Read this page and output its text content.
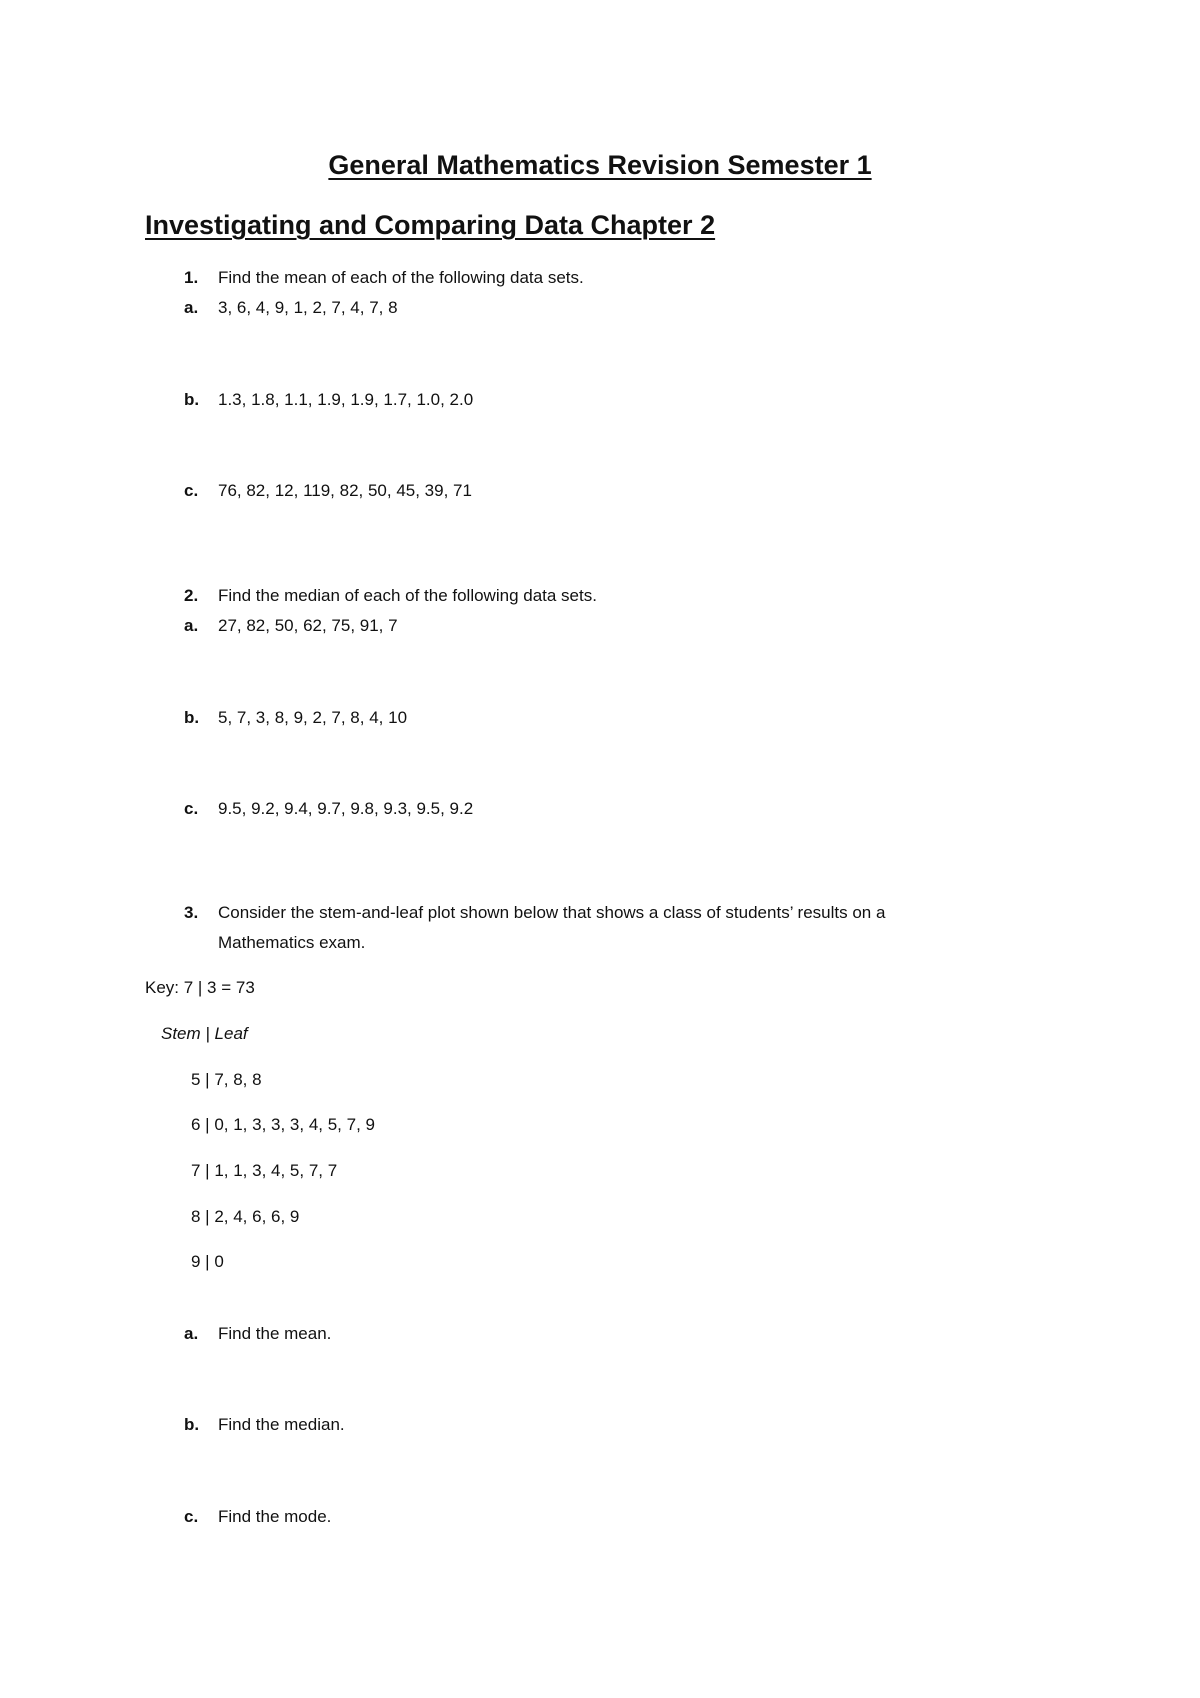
General Mathematics Revision Semester 1
Investigating and Comparing Data Chapter 2
1. Find the mean of each of the following data sets.
a. 3, 6, 4, 9, 1, 2, 7, 4, 7, 8
b. 1.3, 1.8, 1.1, 1.9, 1.9, 1.7, 1.0, 2.0
c. 76, 82, 12, 119, 82, 50, 45, 39, 71
2. Find the median of each of the following data sets.
a. 27, 82, 50, 62, 75, 91, 7
b. 5, 7, 3, 8, 9, 2, 7, 8, 4, 10
c. 9.5, 9.2, 9.4, 9.7, 9.8, 9.3, 9.5, 9.2
3. Consider the stem-and-leaf plot shown below that shows a class of students’ results on a
Mathematics exam.
Key: 7 | 3 = 73
Stem | Leaf
5 | 7, 8, 8
6 | 0, 1, 3, 3, 3, 4, 5, 7, 9
7 | 1, 1, 3, 4, 5, 7, 7
8 | 2, 4, 6, 6, 9
9 | 0
a. Find the mean.
b. Find the median.
c. Find the mode.
